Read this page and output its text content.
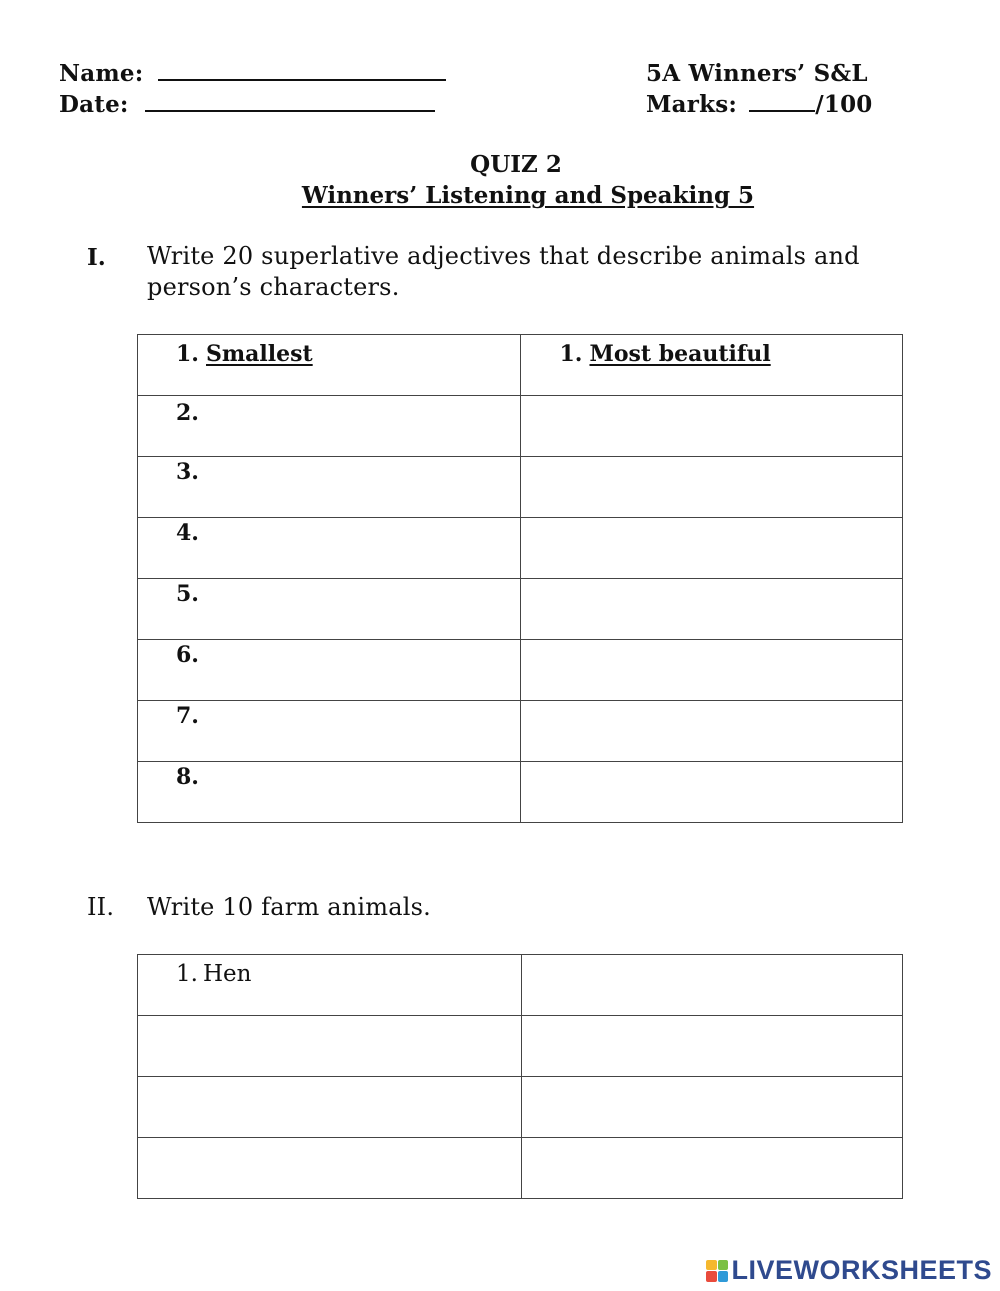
Name:
Date:
5A Winners’ S&L
Marks:	/100
QUIZ 2
Winners’ Listening and Speaking 5
I. Write 20 superlative adjectives that describe animals and
person’s characters.
1. Smallest	1. Most beautiful

2.	

3.	

4.	

5.	

6.	

7.	

8.	

II. Write 10 farm animals.
1. Hen	

LIVEWORKSHEETS
